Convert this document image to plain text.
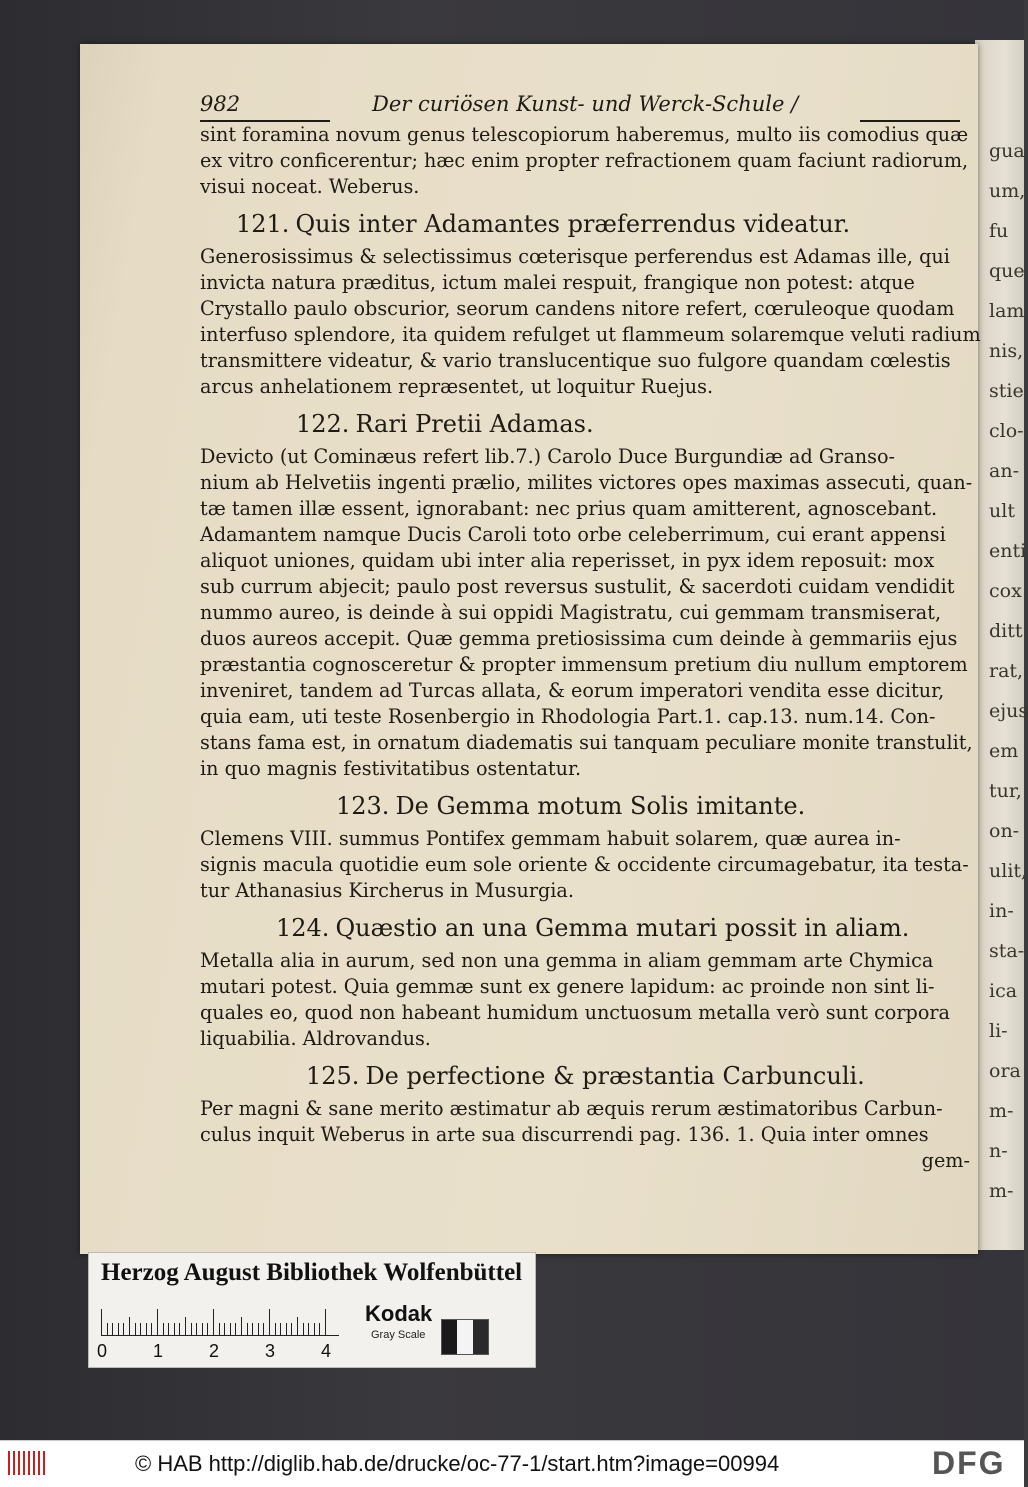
gua
um,
fu
que
lam
nis,
stie
clo-
an-
ult
enti
cox
ditt
rat,
ejus
em
tur,
on-
ulit,
in-
sta-
ica
li-
ora
m-
n-
m-
982	Der curiösen Kunst- und Werck-Schule /
sint foramina novum genus telescopiorum haberemus, multo iis comodius quæ
ex vitro conficerentur; hæc enim propter refractionem quam faciunt radiorum,
visui noceat. Weberus.
121. Quis inter Adamantes præferrendus videatur.
Generosissimus & selectissimus cœterisque perferendus est Adamas ille, qui
invicta natura præditus, ictum malei respuit, frangique non potest: atque
Crystallo paulo obscurior, seorum candens nitore refert, cœruleoque quodam
interfuso splendore, ita quidem refulget ut flammeum solaremque veluti radium
transmittere videatur, & vario translucentique suo fulgore quandam cœlestis
arcus anhelationem repræsentet, ut loquitur Ruejus.
122. Rari Pretii Adamas.
Devicto (ut Cominæus refert lib.7.) Carolo Duce Burgundiæ ad Granso-
nium ab Helvetiis ingenti prælio, milites victores opes maximas assecuti, quan-
tæ tamen illæ essent, ignorabant: nec prius quam amitterent, agnoscebant.
Adamantem namque Ducis Caroli toto orbe celeberrimum, cui erant appensi
aliquot uniones, quidam ubi inter alia reperisset, in pyx idem reposuit: mox
sub currum abjecit; paulo post reversus sustulit, & sacerdoti cuidam vendidit
nummo aureo, is deinde à sui oppidi Magistratu, cui gemmam transmiserat,
duos aureos accepit. Quæ gemma pretiosissima cum deinde à gemmariis ejus
præstantia cognosceretur & propter immensum pretium diu nullum emptorem
inveniret, tandem ad Turcas allata, & eorum imperatori vendita esse dicitur,
quia eam, uti teste Rosenbergio in Rhodologia Part.1. cap.13. num.14. Con-
stans fama est, in ornatum diadematis sui tanquam peculiare monite transtulit,
in quo magnis festivitatibus ostentatur.
123. De Gemma motum Solis imitante.
Clemens VIII. summus Pontifex gemmam habuit solarem, quæ aurea in-
signis macula quotidie eum sole oriente & occidente circumagebatur, ita testa-
tur Athanasius Kircherus in Musurgia.
124. Quæstio an una Gemma mutari possit in aliam.
Metalla alia in aurum, sed non una gemma in aliam gemmam arte Chymica
mutari potest. Quia gemmæ sunt ex genere lapidum: ac proinde non sint li-
quales eo, quod non habeant humidum unctuosum metalla verò sunt corpora
liquabilia. Aldrovandus.
125. De perfectione & præstantia Carbunculi.
Per magni & sane merito æstimatur ab æquis rerum æstimatoribus Carbun-
culus inquit Weberus in arte sua discurrendi pag. 136. 1. Quia inter omnes
gem-
Herzog August Bibliothek Wolfenbüttel
0	1	2	3	4
Kodak
Gray Scale
© HAB http://diglib.hab.de/drucke/oc-77-1/start.htm?image=00994	DFG
